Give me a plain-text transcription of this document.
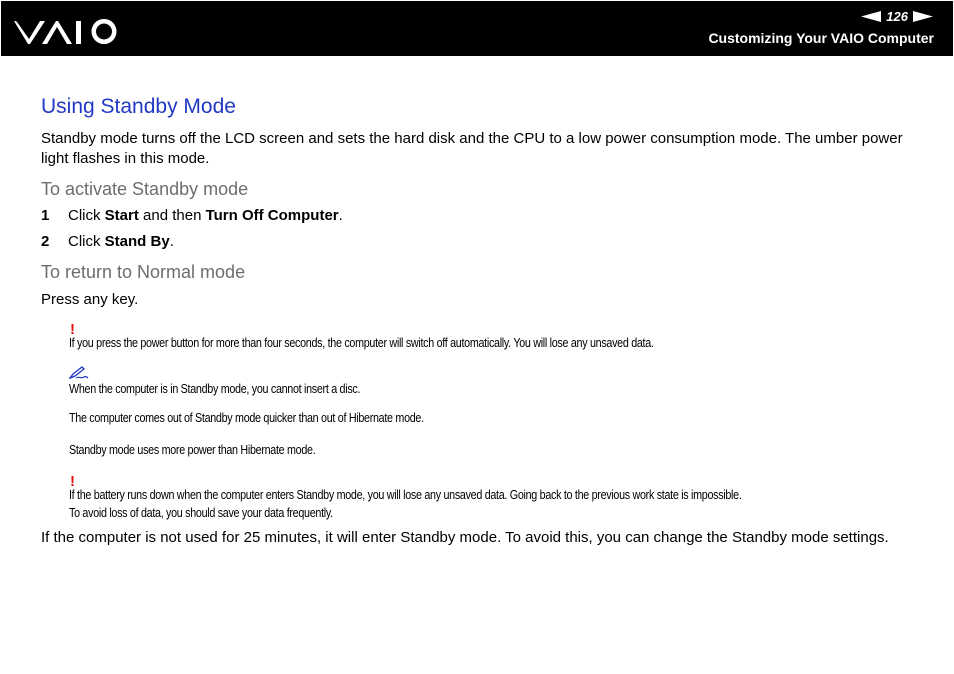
126
Customizing Your VAIO Computer
Using Standby Mode
Standby mode turns off the LCD screen and sets the hard disk and the CPU to a low power consumption mode. The umber power light flashes in this mode.
To activate Standby mode
1 Click Start and then Turn Off Computer.
2 Click Stand By.
To return to Normal mode
Press any key.
!
If you press the power button for more than four seconds, the computer will switch off automatically. You will lose any unsaved data.
When the computer is in Standby mode, you cannot insert a disc.
The computer comes out of Standby mode quicker than out of Hibernate mode.
Standby mode uses more power than Hibernate mode.
!
If the battery runs down when the computer enters Standby mode, you will lose any unsaved data. Going back to the previous work state is impossible.
To avoid loss of data, you should save your data frequently.
If the computer is not used for 25 minutes, it will enter Standby mode. To avoid this, you can change the Standby mode settings.
